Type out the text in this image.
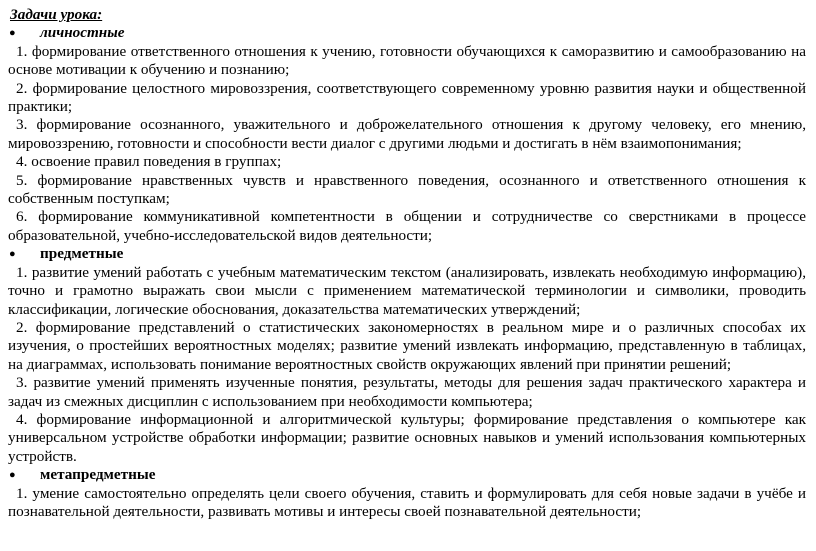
Задачи урока:
● личностные
1. формирование ответственного отношения к учению, готовности обучающихся к саморазвитию и самообразованию на основе мотивации к обучению и познанию;
2. формирование целостного мировоззрения, соответствующего современному уровню развития науки и общественной практики;
3. формирование осознанного, уважительного и доброжелательного отношения к другому человеку, его мнению, мировоззрению, готовности и способности вести диалог с другими людьми и достигать в нём взаимопонимания;
4. освоение правил поведения в группах;
5. формирование нравственных чувств и нравственного поведения, осознанного и ответственного отношения к собственным поступкам;
6. формирование коммуникативной компетентности в общении и сотрудничестве со сверстниками в процессе образовательной, учебно-исследовательской видов деятельности;
● предметные
1. развитие умений работать с учебным математическим текстом (анализировать, извлекать необходимую информацию), точно и грамотно выражать свои мысли с применением математической терминологии и символики, проводить классификации, логические обоснования, доказательства математических утверждений;
2. формирование представлений о статистических закономерностях в реальном мире и о различных способах их изучения, о простейших вероятностных моделях; развитие умений извлекать информацию, представленную в таблицах, на диаграммах, использовать понимание вероятностных свойств окружающих явлений при принятии решений;
3. развитие умений применять изученные понятия, результаты, методы для решения задач практического характера и задач из смежных дисциплин с использованием при необходимости компьютера;
4. формирование информационной и алгоритмической культуры; формирование представления о компьютере как универсальном устройстве обработки информации; развитие основных навыков и умений использования компьютерных устройств.
● метапредметные
1. умение самостоятельно определять цели своего обучения, ставить и формулировать для себя новые задачи в учёбе и познавательной деятельности, развивать мотивы и интересы своей познавательной деятельности;
